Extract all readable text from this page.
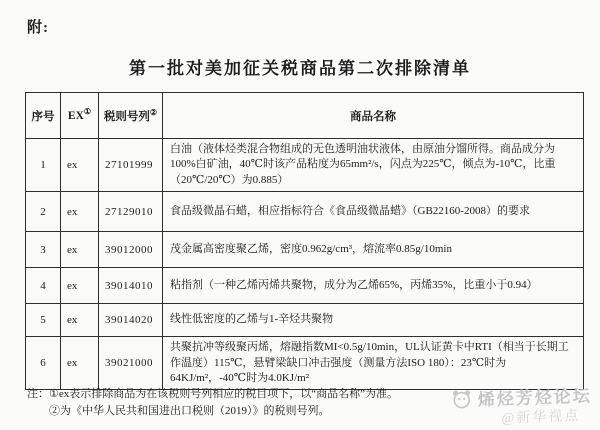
附:
第一批对美加征关税商品第二次排除清单
序号	EX①	税则号列②	商品名称
1	ex	27101999	白油（液体烃类混合物组成的无色透明油状液体，由原油分馏所得。商品成分为100%白矿油，40℃时该产品粘度为65mm²/s，闪点为225℃，倾点为-10℃，比重（20℃/20℃）为0.885）
2	ex	27129010	食品级微晶石蜡，相应指标符合《食品级微晶蜡》（GB22160-2008）的要求
3	ex	39012000	茂金属高密度聚乙烯，密度0.962g/cm³，熔流率0.85g/10min
4	ex	39014010	粘指剂（一种乙烯丙烯共聚物，成分为乙烯65%，丙烯35%，比重小于0.94）
5	ex	39014020	线性低密度的乙烯与1-辛烃共聚物
6	ex	39021000	共聚抗冲等级聚丙烯，熔融指数MI<0.5g/10min，UL认证黄卡中RTI（相当于长期工作温度）115℃，悬臂梁缺口冲击强度（测量方法ISO 180）：23℃时为64KJ/m²，-40℃时为4.0KJ/m²
注： ①ex表示排除商品为在该税则号列相应的税目项下，以“商品名称”为准。
②为《中华人民共和国进出口税则（2019）》的税则号列。
烯烃芳烃论坛
@新华视点
